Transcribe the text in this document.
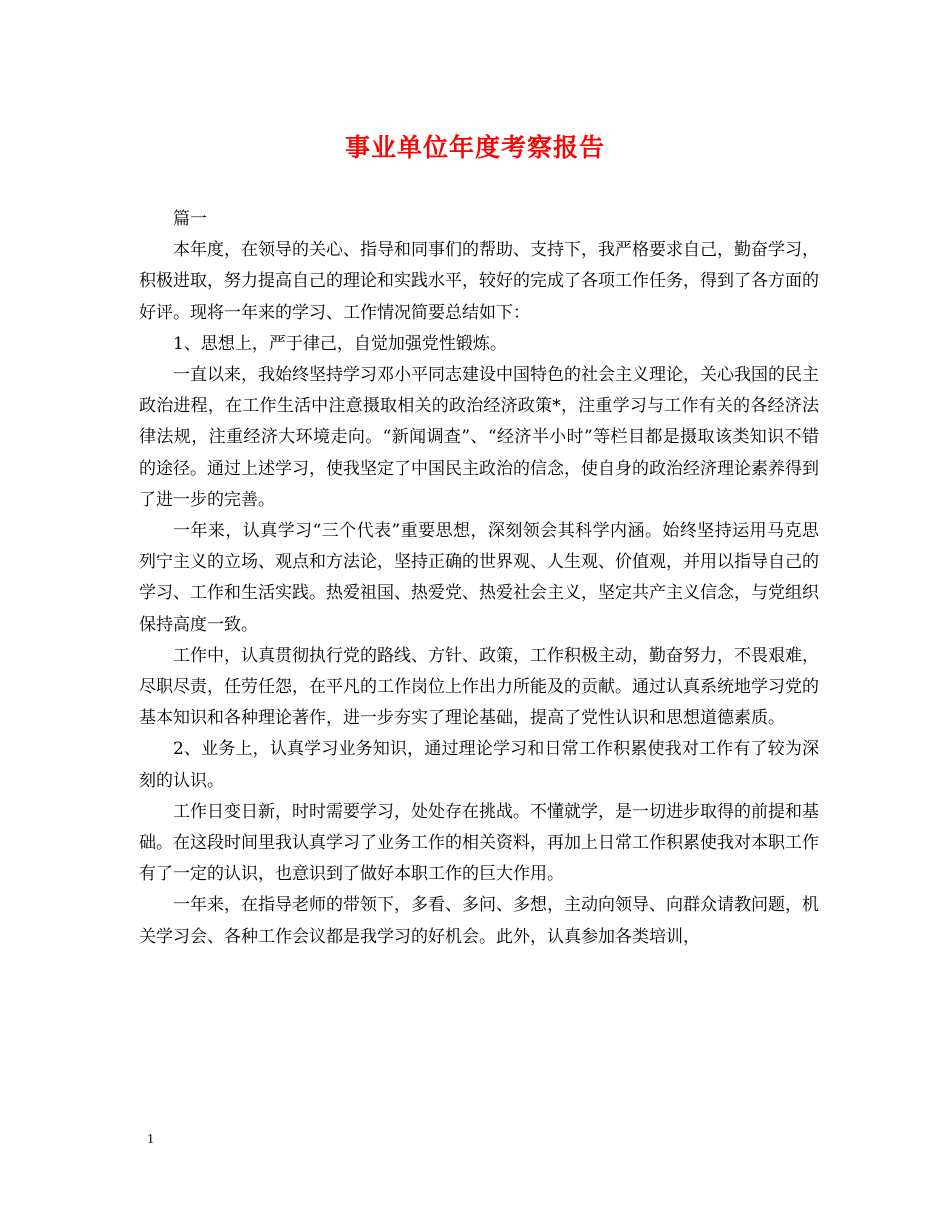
事业单位年度考察报告

篇一

本年度，在领导的关心、指导和同事们的帮助、支持下，我严格要求自己，勤奋学习，积极进取，努力提高自己的理论和实践水平，较好的完成了各项工作任务，得到了各方面的好评。现将一年来的学习、工作情况简要总结如下：

1、思想上，严于律己，自觉加强党性锻炼。

一直以来，我始终坚持学习邓小平同志建设中国特色的社会主义理论，关心我国的民主政治进程，在工作生活中注意摄取相关的政治经济政策*，注重学习与工作有关的各经济法律法规，注重经济大环境走向。“新闻调查”、“经济半小时”等栏目都是摄取该类知识不错的途径。通过上述学习，使我坚定了中国民主政治的信念，使自身的政治经济理论素养得到了进一步的完善。

一年来，认真学习“三个代表”重要思想，深刻领会其科学内涵。始终坚持运用马克思列宁主义的立场、观点和方法论，坚持正确的世界观、人生观、价值观，并用以指导自己的学习、工作和生活实践。热爱祖国、热爱党、热爱社会主义，坚定共产主义信念，与党组织保持高度一致。

工作中，认真贯彻执行党的路线、方针、政策，工作积极主动，勤奋努力，不畏艰难，尽职尽责，任劳任怨，在平凡的工作岗位上作出力所能及的贡献。通过认真系统地学习党的基本知识和各种理论著作，进一步夯实了理论基础，提高了党性认识和思想道德素质。

2、业务上，认真学习业务知识，通过理论学习和日常工作积累使我对工作有了较为深刻的认识。

工作日变日新，时时需要学习，处处存在挑战。不懂就学，是一切进步取得的前提和基础。在这段时间里我认真学习了业务工作的相关资料，再加上日常工作积累使我对本职工作有了一定的认识，也意识到了做好本职工作的巨大作用。

一年来，在指导老师的带领下，多看、多问、多想，主动向领导、向群众请教问题，机关学习会、各种工作会议都是我学习的好机会。此外，认真参加各类培训，

1
